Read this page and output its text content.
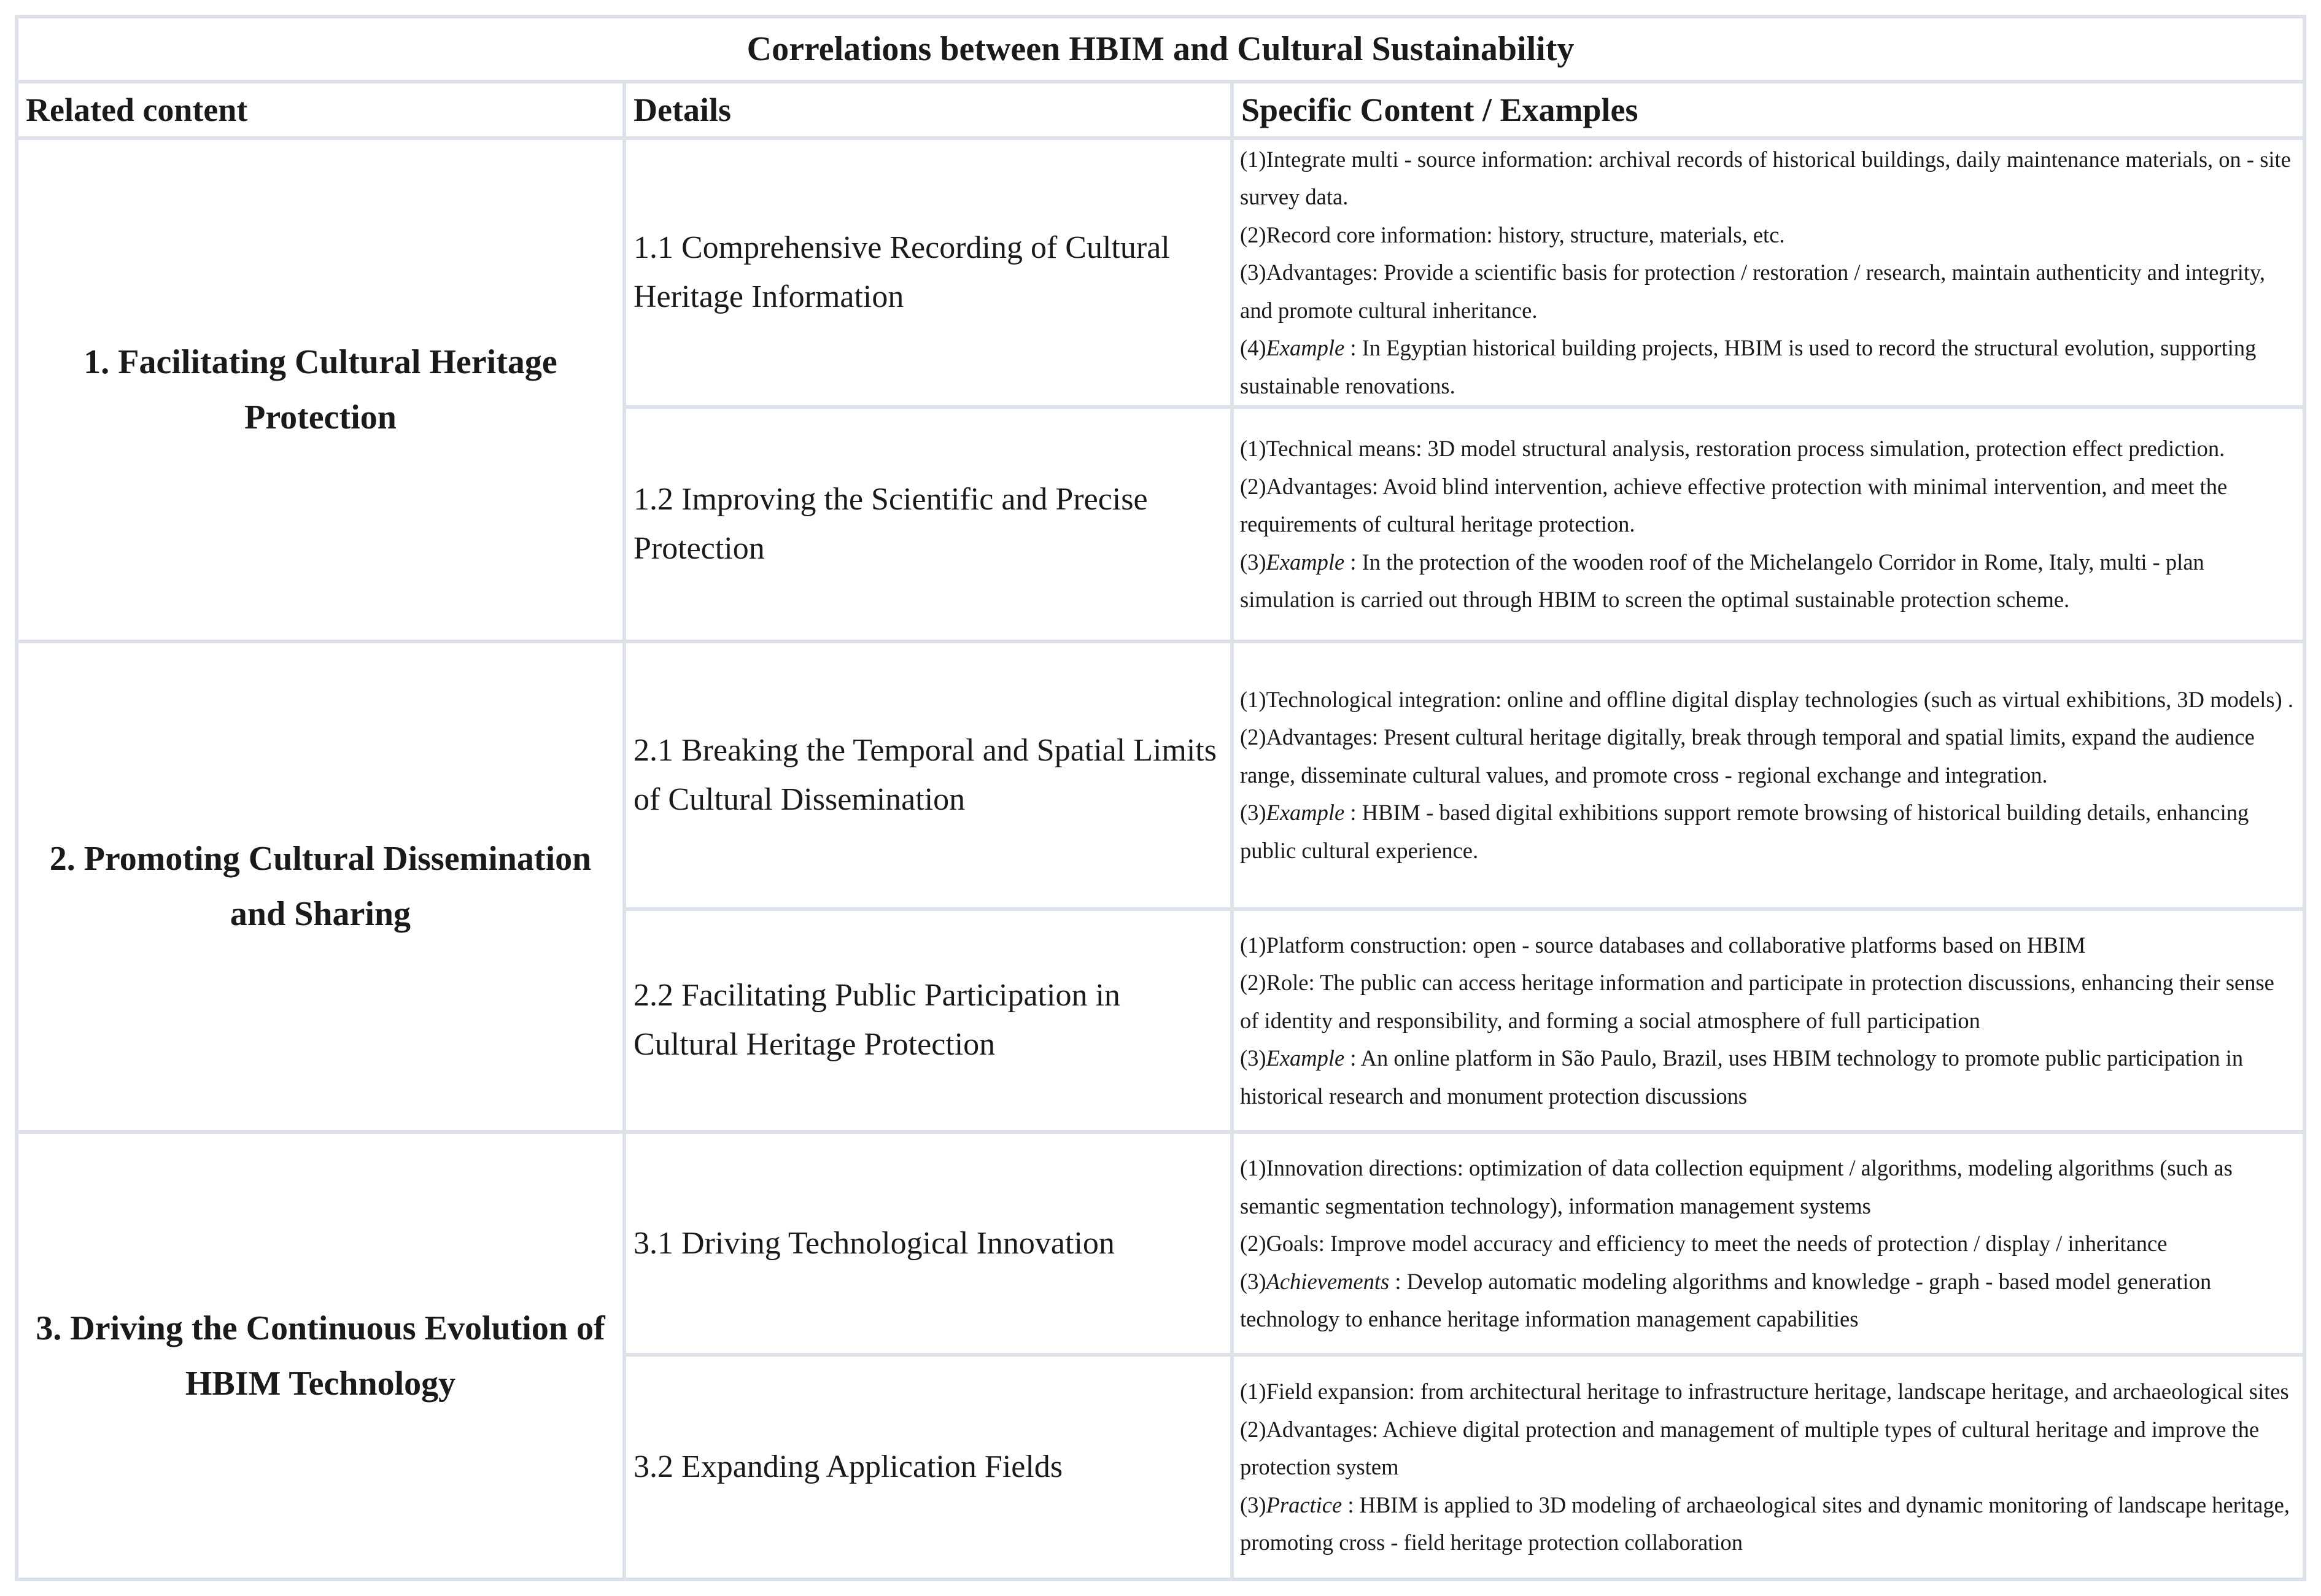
Correlations between HBIM and Cultural Sustainability		
Related content	Details	Specific Content / Examples
1. Facilitating Cultural Heritage Protection	1.1 Comprehensive Recording of Cultural Heritage Information	(1)Integrate multi - source information: archival records of historical buildings, daily maintenance materials, on - site survey data.

(2)Record core information: history, structure, materials, etc.

(3)Advantages: Provide a scientific basis for protection / restoration / research, maintain authenticity and integrity, and promote cultural inheritance.

(4)Example : In Egyptian historical building projects, HBIM is used to record the structural evolution, supporting sustainable renovations.

	1.2 Improving the Scientific and Precise Protection	(1)Technical means: 3D model structural analysis, restoration process simulation, protection effect prediction.

(2)Advantages: Avoid blind intervention, achieve effective protection with minimal intervention, and meet the requirements of cultural heritage protection.

(3)Example : In the protection of the wooden roof of the Michelangelo Corridor in Rome, Italy, multi - plan simulation is carried out through HBIM to screen the optimal sustainable protection scheme.

2. Promoting Cultural Dissemination and Sharing	2.1 Breaking the Temporal and Spatial Limits of Cultural Dissemination	(1)Technological integration: online and offline digital display technologies (such as virtual exhibitions, 3D models) .

(2)Advantages: Present cultural heritage digitally, break through temporal and spatial limits, expand the audience range, disseminate cultural values, and promote cross - regional exchange and integration.

(3)Example : HBIM - based digital exhibitions support remote browsing of historical building details, enhancing public cultural experience.

	2.2 Facilitating Public Participation in Cultural Heritage Protection	(1)Platform construction: open - source databases and collaborative platforms based on HBIM

(2)Role: The public can access heritage information and participate in protection discussions, enhancing their sense of identity and responsibility, and forming a social atmosphere of full participation

(3)Example : An online platform in São Paulo, Brazil, uses HBIM technology to promote public participation in historical research and monument protection discussions

3. Driving the Continuous Evolution of HBIM Technology	3.1 Driving Technological Innovation	(1)Innovation directions: optimization of data collection equipment / algorithms, modeling algorithms (such as semantic segmentation technology), information management systems

(2)Goals: Improve model accuracy and efficiency to meet the needs of protection / display / inheritance

(3)Achievements : Develop automatic modeling algorithms and knowledge - graph - based model generation technology to enhance heritage information management capabilities

	3.2 Expanding Application Fields	(1)Field expansion: from architectural heritage to infrastructure heritage, landscape heritage, and archaeological sites

(2)Advantages: Achieve digital protection and management of multiple types of cultural heritage and improve the protection system

(3)Practice : HBIM is applied to 3D modeling of archaeological sites and dynamic monitoring of landscape heritage, promoting cross - field heritage protection collaboration
